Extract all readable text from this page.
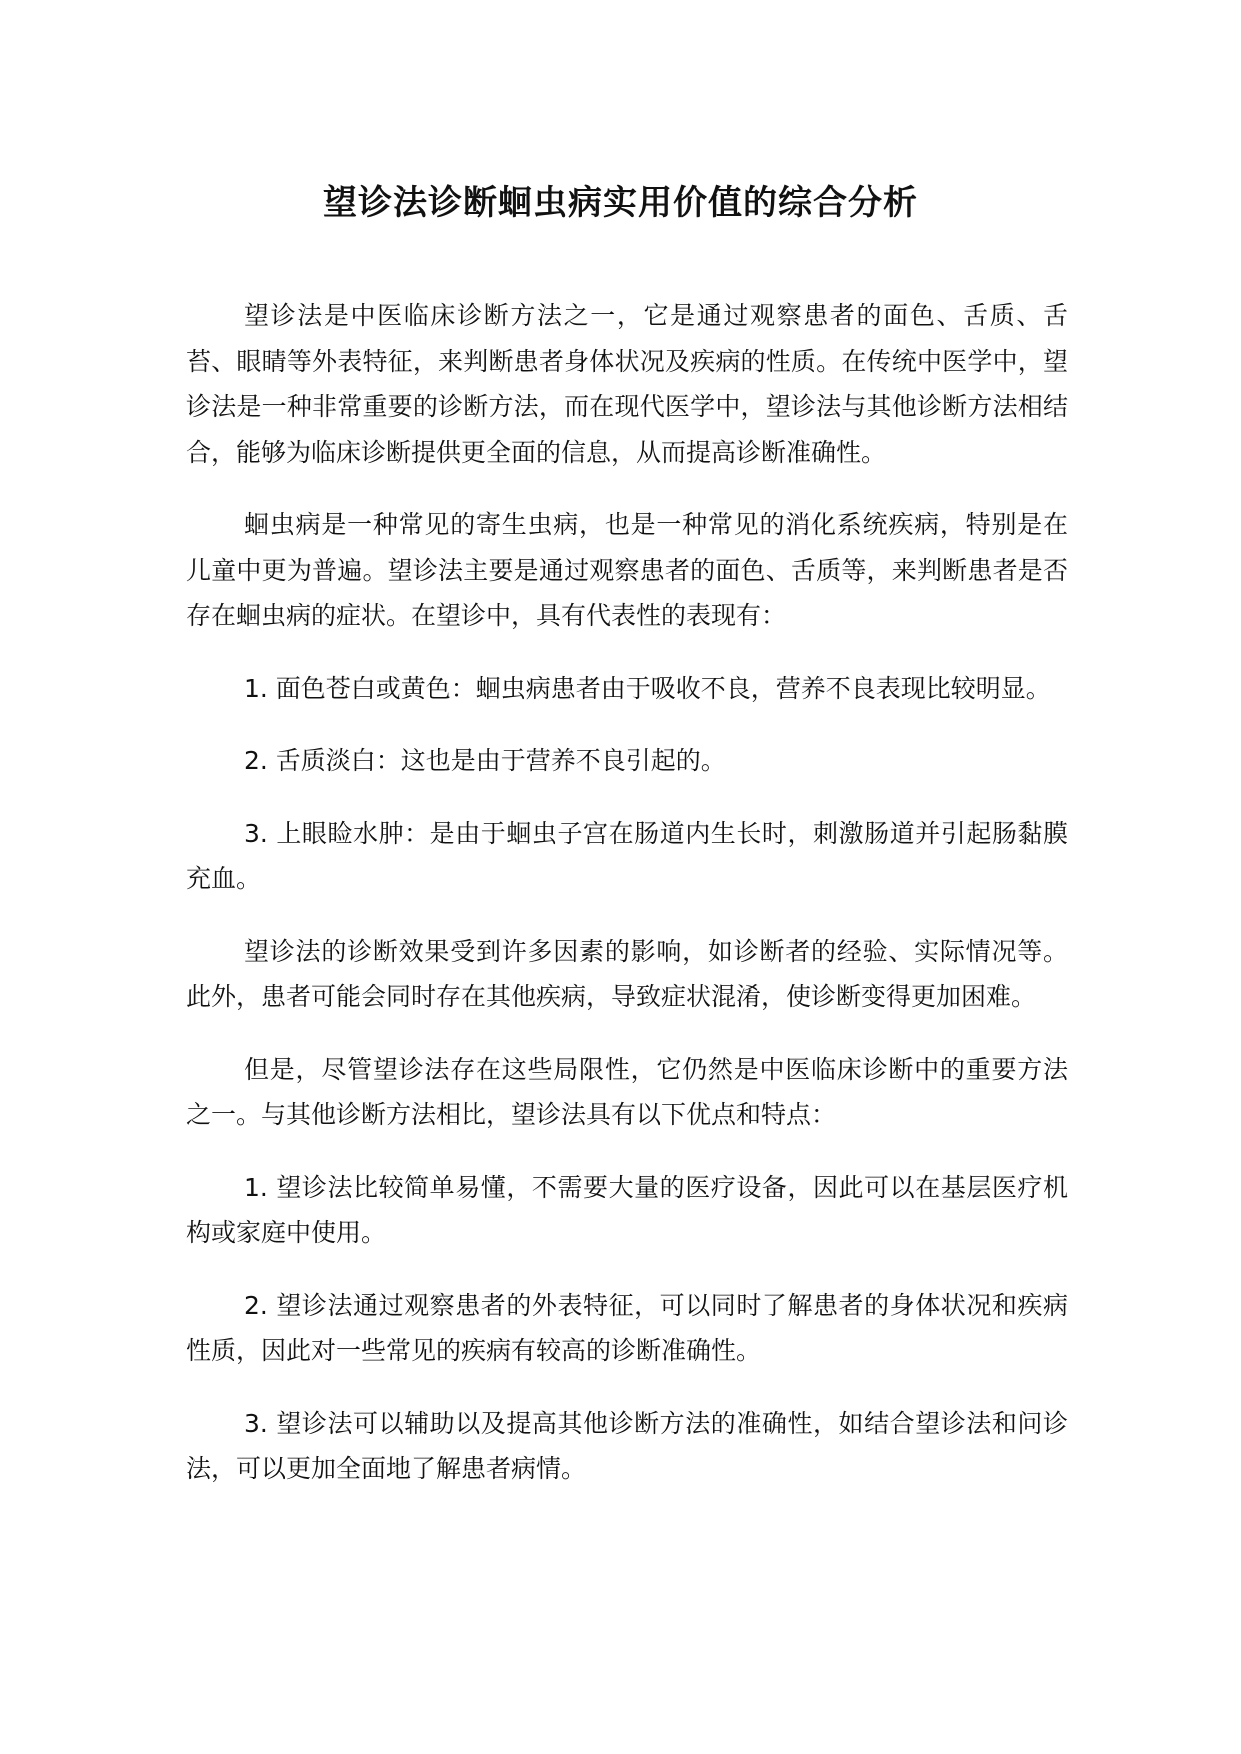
望诊法诊断蛔虫病实用价值的综合分析

望诊法是中医临床诊断方法之一，它是通过观察患者的面色、舌质、舌苔、眼睛等外表特征，来判断患者身体状况及疾病的性质。在传统中医学中，望诊法是一种非常重要的诊断方法，而在现代医学中，望诊法与其他诊断方法相结合，能够为临床诊断提供更全面的信息，从而提高诊断准确性。

蛔虫病是一种常见的寄生虫病，也是一种常见的消化系统疾病，特别是在儿童中更为普遍。望诊法主要是通过观察患者的面色、舌质等，来判断患者是否存在蛔虫病的症状。在望诊中，具有代表性的表现有：

1. 面色苍白或黄色：蛔虫病患者由于吸收不良，营养不良表现比较明显。

2. 舌质淡白：这也是由于营养不良引起的。

3. 上眼睑水肿：是由于蛔虫子宫在肠道内生长时，刺激肠道并引起肠黏膜充血。

望诊法的诊断效果受到许多因素的影响，如诊断者的经验、实际情况等。此外，患者可能会同时存在其他疾病，导致症状混淆，使诊断变得更加困难。

但是，尽管望诊法存在这些局限性，它仍然是中医临床诊断中的重要方法之一。与其他诊断方法相比，望诊法具有以下优点和特点：

1. 望诊法比较简单易懂，不需要大量的医疗设备，因此可以在基层医疗机构或家庭中使用。

2. 望诊法通过观察患者的外表特征，可以同时了解患者的身体状况和疾病性质，因此对一些常见的疾病有较高的诊断准确性。

3. 望诊法可以辅助以及提高其他诊断方法的准确性，如结合望诊法和问诊法，可以更加全面地了解患者病情。
